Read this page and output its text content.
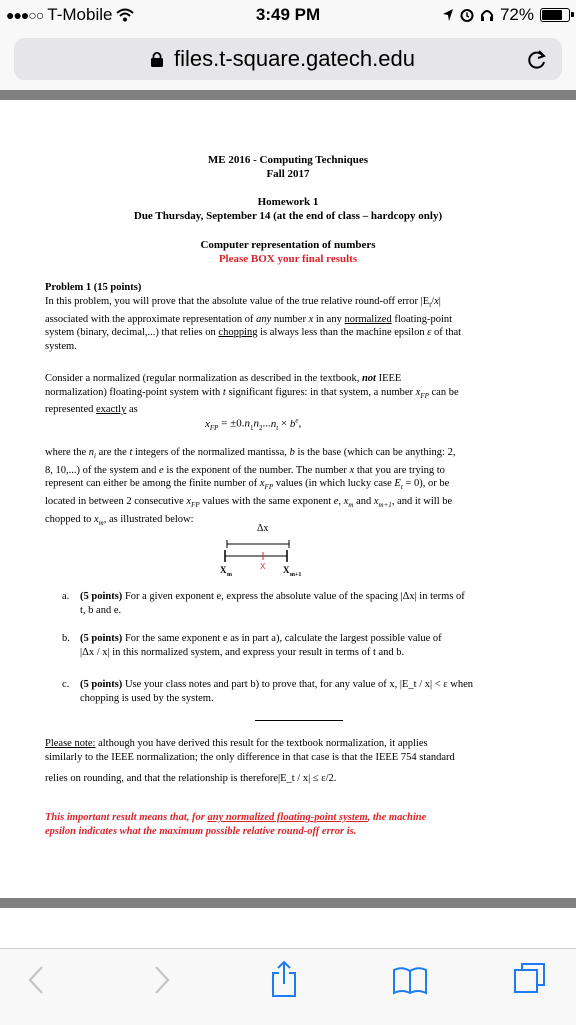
●●●○○ T-Mobile	3:49 PM	72%
files.t-square.gatech.edu
ME 2016 - Computing Techniques
Fall 2017
Homework 1
Due Thursday, September 14 (at the end of class – hardcopy only)
Computer representation of numbers
Please BOX your final results
Problem 1 (15 points)
In this problem, you will prove that the absolute value of the true relative round-off error $|E_t/x|$
associated with the approximate representation of any number x in any normalized floating-point
system (binary, decimal,...) that relies on chopping is always less than the machine epsilon ε of that
system.
Consider a normalized (regular normalization as described in the textbook, not IEEE
normalization) floating-point system with t significant figures: in that system, a number $x_{FP}$ can be
represented exactly as
$x_{FP} = \pm 0.n_1n_2...n_t \times b^e$,
where the $n_i$ are the t integers of the normalized mantissa, b is the base (which can be anything: 2,
8, 10,...) of the system and e is the exponent of the number. The number x that you are trying to
represent can either be among the finite number of $x_{FP}$ values (in which lucky case $E_t = 0$), or be
located in between 2 consecutive $x_{FP}$ values with the same exponent e, $x_m$ and $x_{m+1}$, and it will be
chopped to $x_m$, as illustrated below:
Δx
X
X m	X m+1
a. (5 points) For a given exponent e, express the absolute value of the spacing |Δx| in terms of
t, b and e.
b. (5 points) For the same exponent e as in part a), calculate the largest possible value of
|Δx / x| in this normalized system, and express your result in terms of t and b.
c. (5 points) Use your class notes and part b) to prove that, for any value of x, |E_t / x| < ε when
chopping is used by the system.
Please note: although you have derived this result for the textbook normalization, it applies
similarly to the IEEE normalization; the only difference in that case is that the IEEE 754 standard
relies on rounding, and that the relationship is therefore|E_t / x| ≤ ε/2.
This important result means that, for any normalized floating-point system, the machine
epsilon indicates what the maximum possible relative round-off error is.
